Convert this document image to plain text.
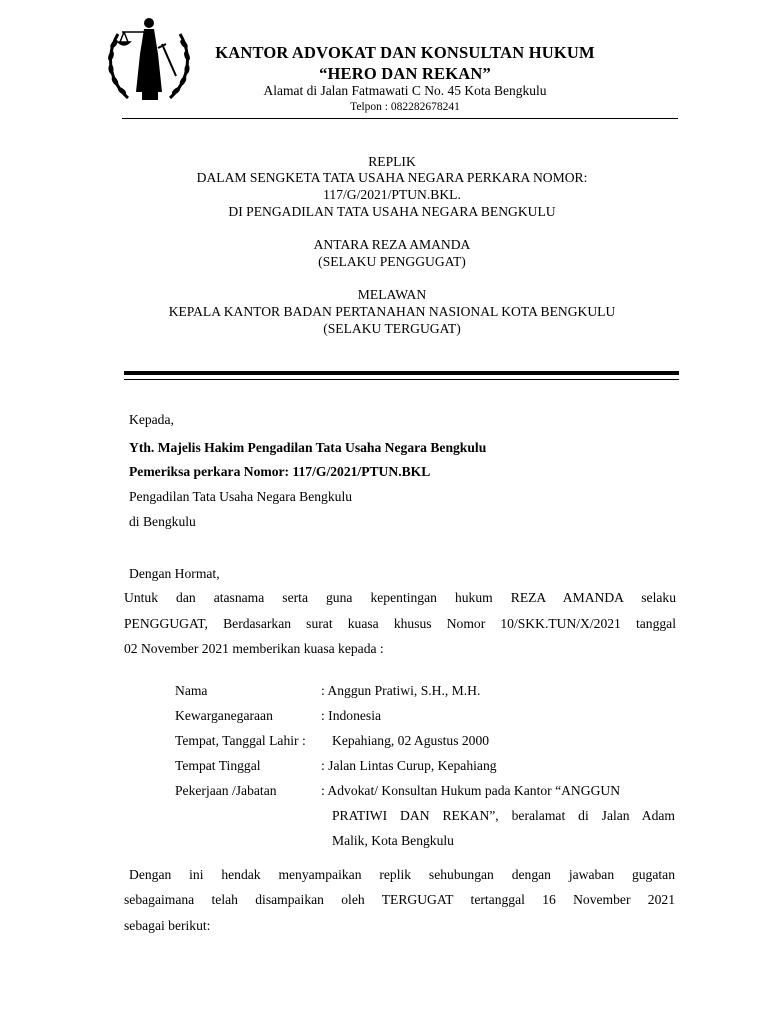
KANTOR ADVOKAT DAN KONSULTAN HUKUM
“HERO DAN REKAN”
Alamat di Jalan Fatmawati C No. 45 Kota Bengkulu
Telpon : 082282678241
REPLIK
DALAM SENGKETA TATA USAHA NEGARA PERKARA NOMOR:
117/G/2021/PTUN.BKL.
DI PENGADILAN TATA USAHA NEGARA BENGKULU
ANTARA REZA AMANDA
(SELAKU PENGGUGAT)
MELAWAN
KEPALA KANTOR BADAN PERTANAHAN NASIONAL KOTA BENGKULU
(SELAKU TERGUGAT)
Kepada,
Yth. Majelis Hakim Pengadilan Tata Usaha Negara Bengkulu
Pemeriksa perkara Nomor: 117/G/2021/PTUN.BKL
Pengadilan Tata Usaha Negara Bengkulu
di Bengkulu
Dengan Hormat,
Untuk dan atasnama serta guna kepentingan hukum REZA AMANDA selaku
PENGGUGAT, Berdasarkan surat kuasa khusus Nomor 10/SKK.TUN/X/2021 tanggal
02 November 2021 memberikan kuasa kepada :
Nama	: Anggun Pratiwi, S.H., M.H.
Kewarganegaraan	: Indonesia
Tempat, Tanggal Lahir : Kepahiang, 02 Agustus 2000
Tempat Tinggal	: Jalan Lintas Curup, Kepahiang
Pekerjaan /Jabatan	: Advokat/ Konsultan Hukum pada Kantor “ANGGUN
PRATIWI DAN REKAN”, beralamat di Jalan Adam
Malik, Kota Bengkulu
Dengan ini hendak menyampaikan replik sehubungan dengan jawaban gugatan
sebagaimana telah disampaikan oleh TERGUGAT tertanggal 16 November 2021
sebagai berikut:
